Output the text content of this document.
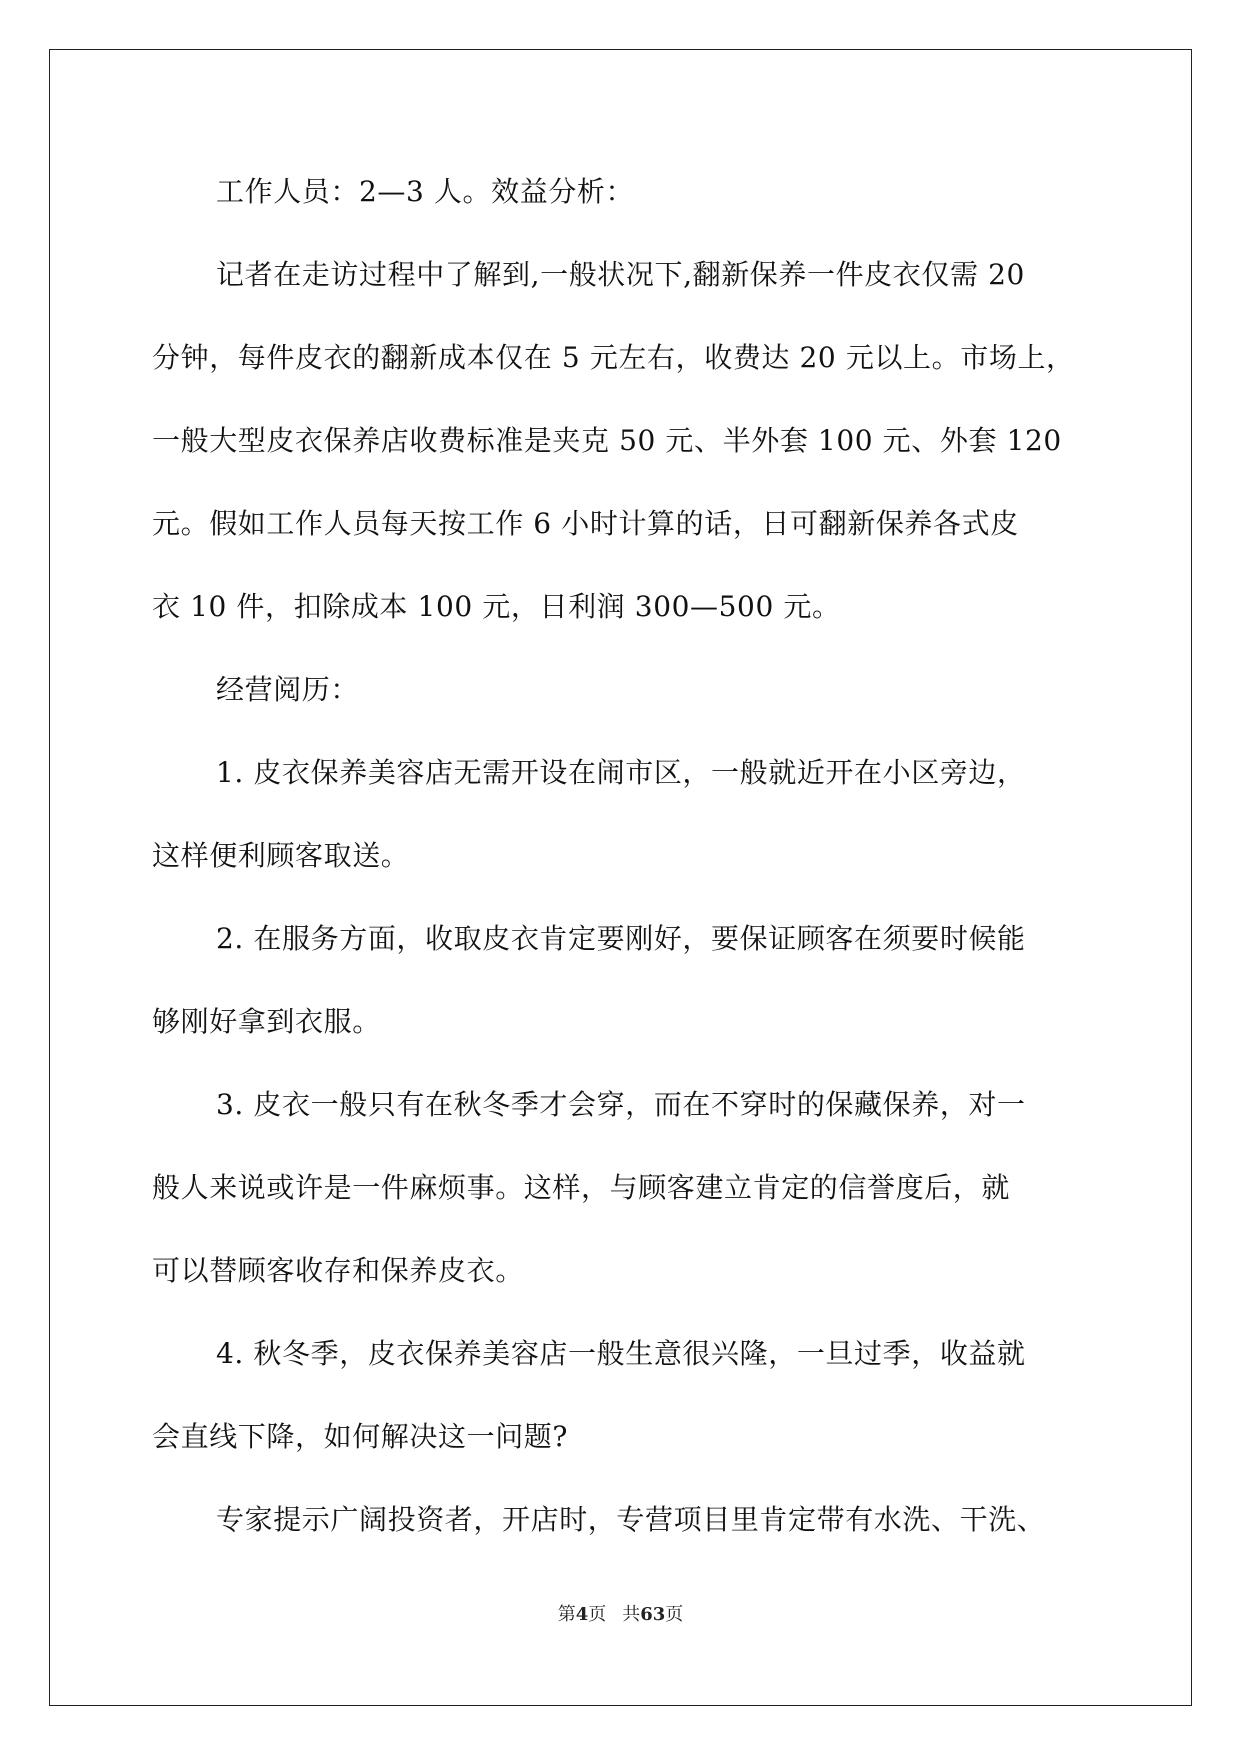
工作人员：2—3 人。效益分析：
记者在走访过程中了解到,一般状况下,翻新保养一件皮衣仅需 20
分钟，每件皮衣的翻新成本仅在 5 元左右，收费达 20 元以上。市场上，
一般大型皮衣保养店收费标准是夹克 50 元、半外套 100 元、外套 120
元。假如工作人员每天按工作 6 小时计算的话，日可翻新保养各式皮
衣 10 件，扣除成本 100 元，日利润 300—500 元。
经营阅历：
1. 皮衣保养美容店无需开设在闹市区，一般就近开在小区旁边，
这样便利顾客取送。
2. 在服务方面，收取皮衣肯定要刚好，要保证顾客在须要时候能
够刚好拿到衣服。
3. 皮衣一般只有在秋冬季才会穿，而在不穿时的保藏保养，对一
般人来说或许是一件麻烦事。这样，与顾客建立肯定的信誉度后，就
可以替顾客收存和保养皮衣。
4. 秋冬季，皮衣保养美容店一般生意很兴隆，一旦过季，收益就
会直线下降，如何解决这一问题?
专家提示广阔投资者，开店时，专营项目里肯定带有水洗、干洗、
第4页 共63页
